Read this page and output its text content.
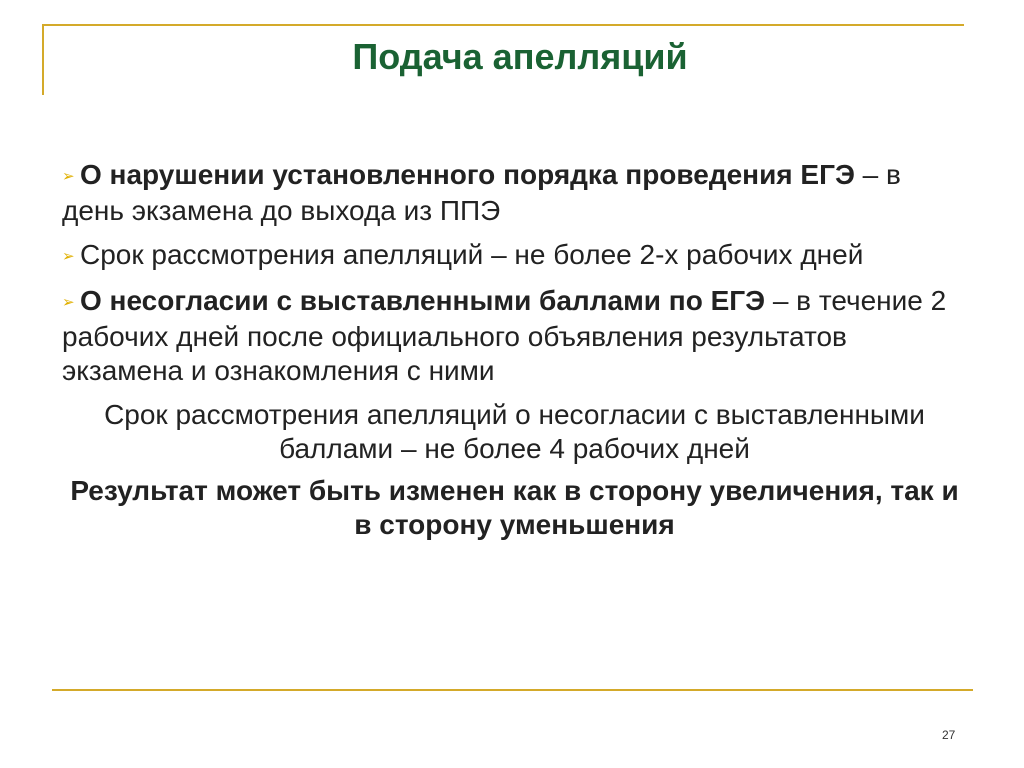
Подача апелляций

➢ О нарушении установленного порядка проведения ЕГЭ – в день экзамена до выхода из ППЭ

➢ Срок рассмотрения апелляций – не более 2-х рабочих дней

➢ О несогласии с выставленными баллами по ЕГЭ – в течение 2 рабочих дней после официального объявления результатов экзамена и ознакомления с ними

Срок рассмотрения апелляций о несогласии с выставленными баллами – не более 4 рабочих дней

Результат может быть изменен как в сторону увеличения, так и в сторону уменьшения

27
